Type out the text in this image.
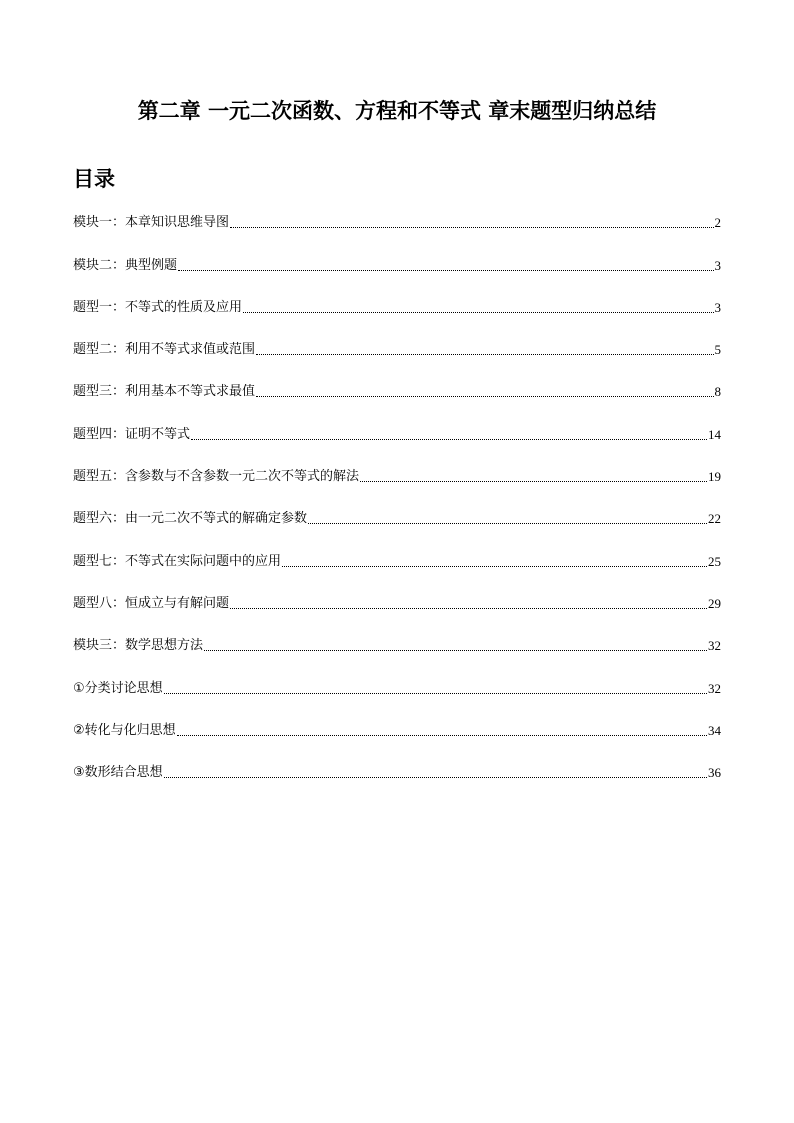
第二章 一元二次函数、方程和不等式 章末题型归纳总结
目录
模块一：本章知识思维导图	2
模块二：典型例题	3
题型一：不等式的性质及应用	3
题型二：利用不等式求值或范围	5
题型三：利用基本不等式求最值	8
题型四：证明不等式	14
题型五：含参数与不含参数一元二次不等式的解法	19
题型六：由一元二次不等式的解确定参数	22
题型七：不等式在实际问题中的应用	25
题型八：恒成立与有解问题	29
模块三：数学思想方法	32
①分类讨论思想	32
②转化与化归思想	34
③数形结合思想	36
